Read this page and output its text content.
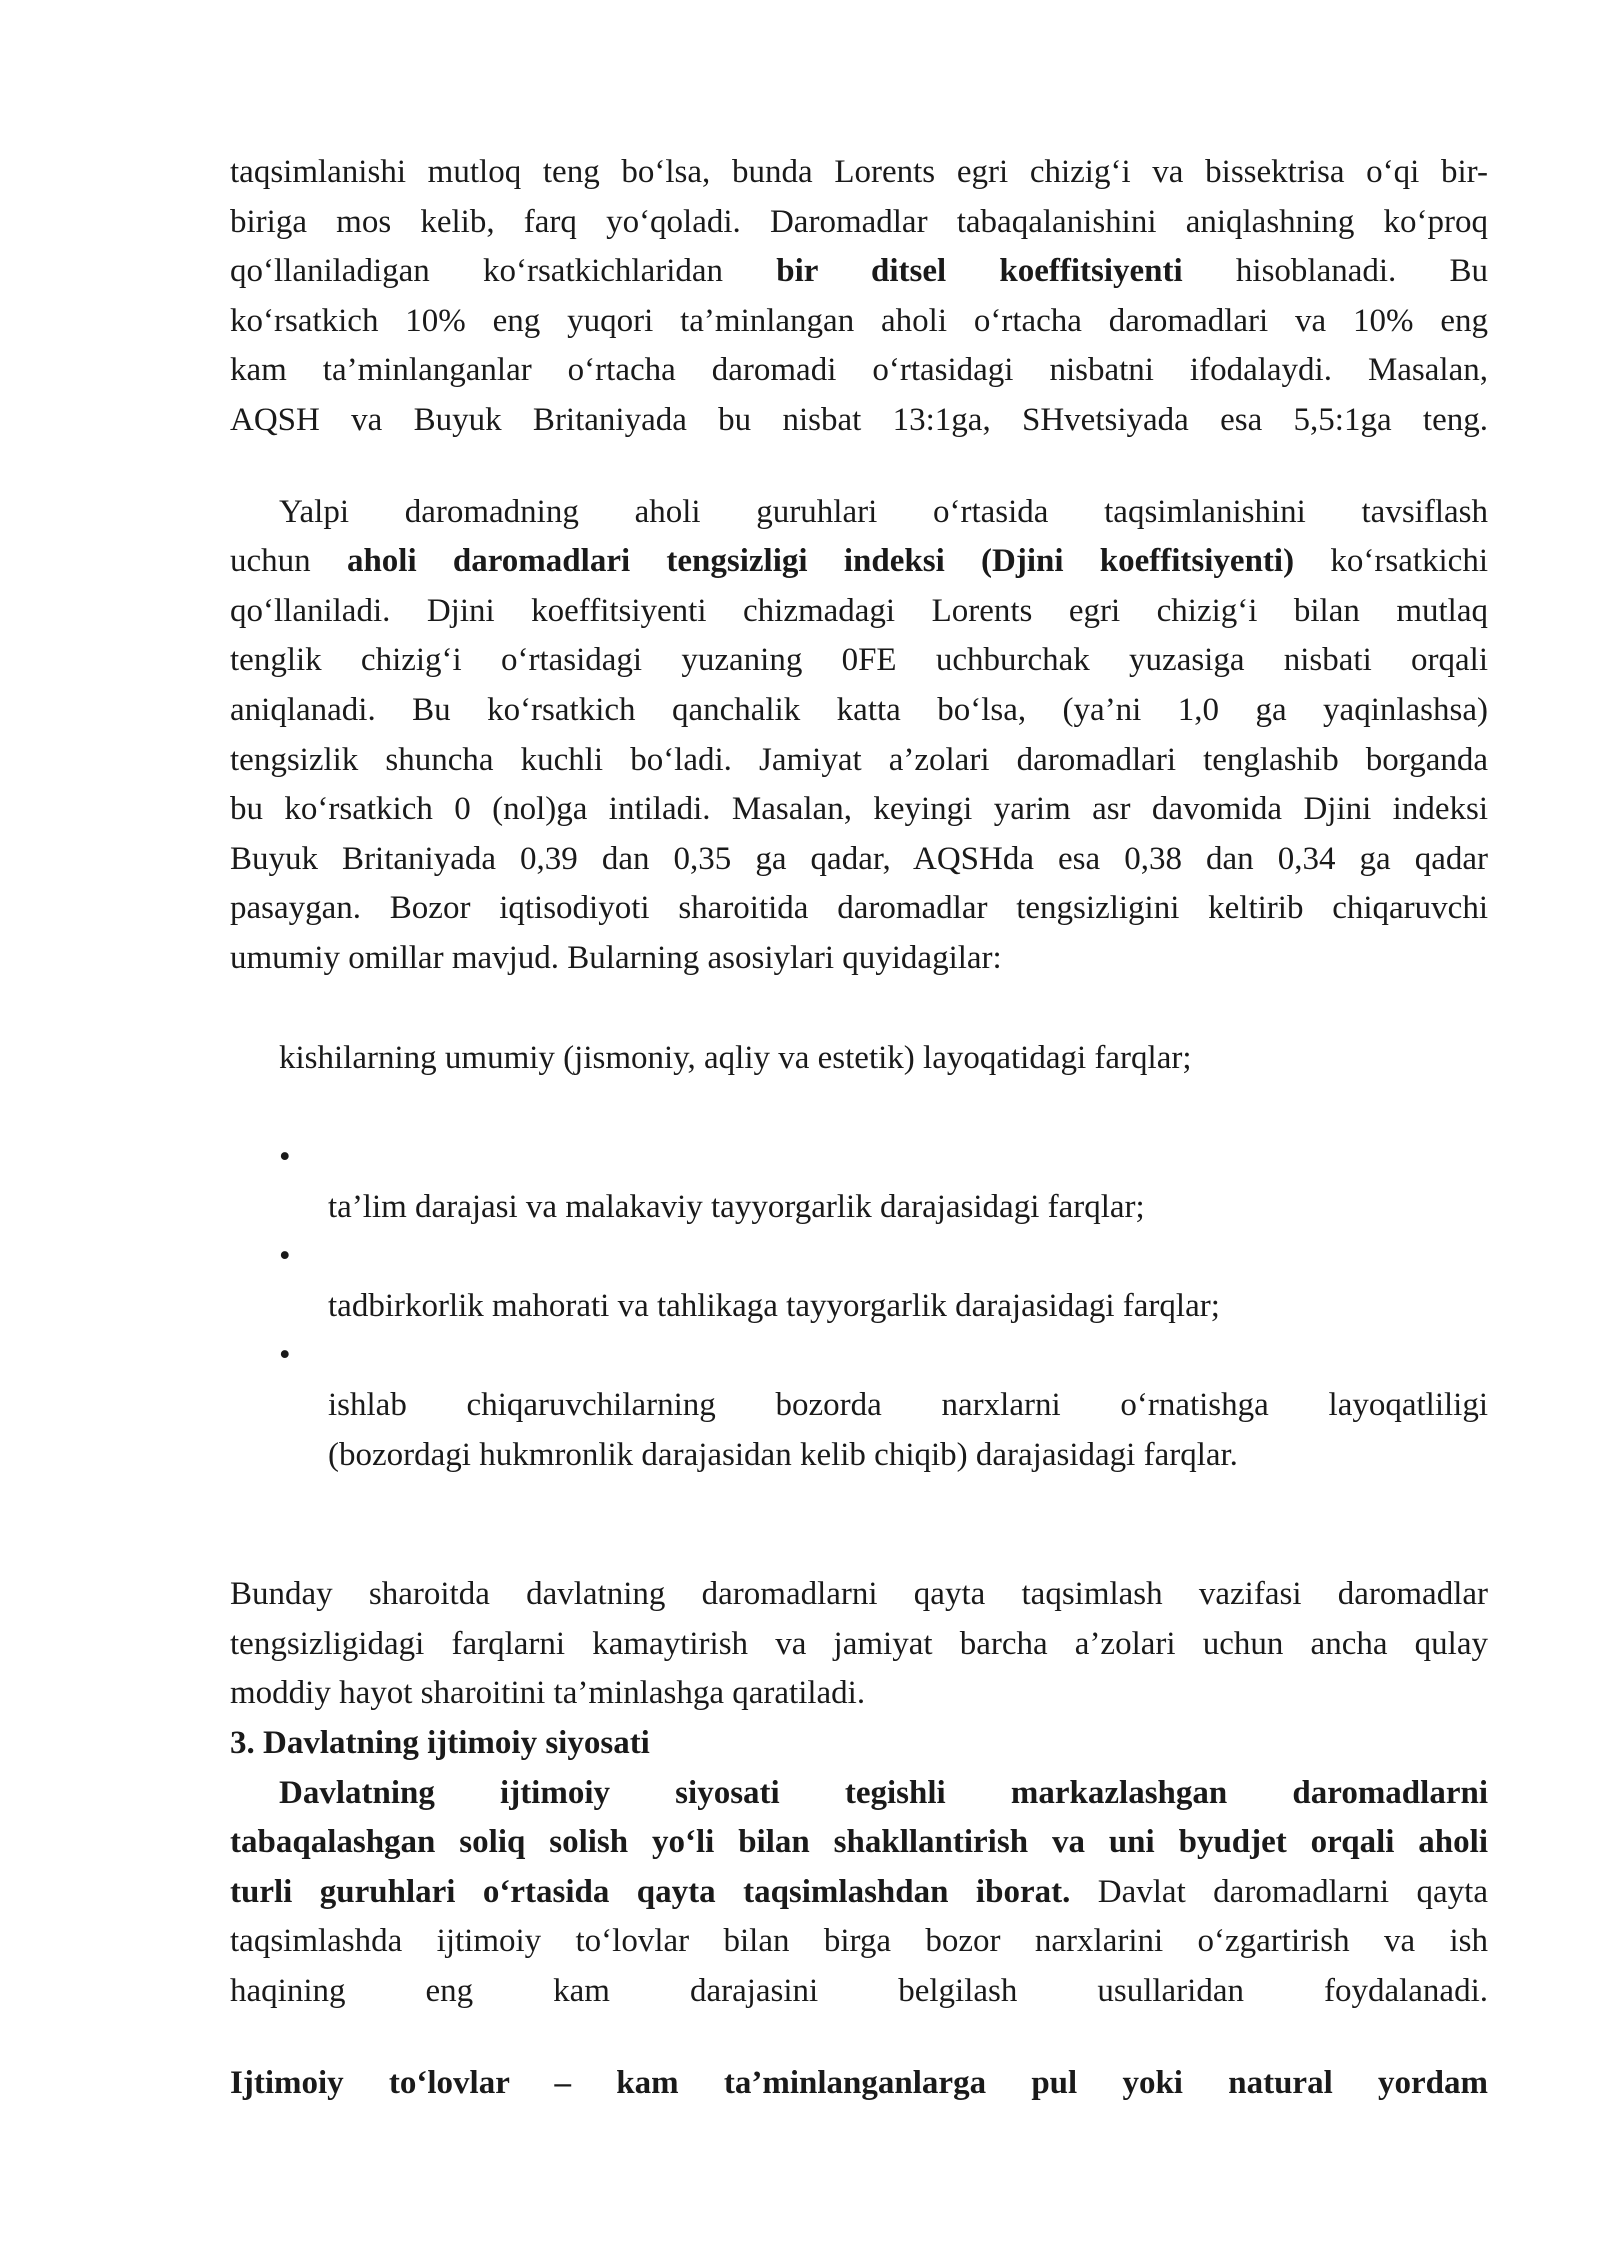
taqsimlanishi mutloq teng bo‘lsa, bunda Lorents egri chizig‘i va bissektrisa o‘qi bir-

biriga mos kelib, farq yo‘qoladi. Daromadlar tabaqalanishini aniqlashning ko‘proq

qo‘llaniladigan ko‘rsatkichlaridan bir ditsel koeffitsiyenti hisoblanadi. Bu

ko‘rsatkich 10% eng yuqori ta’minlangan aholi o‘rtacha daromadlari va 10% eng

kam ta’minlanganlar o‘rtacha daromadi o‘rtasidagi nisbatni ifodalaydi. Masalan,

AQSH va Buyuk Britaniyada bu nisbat 13:1ga, SHvetsiyada esa 5,5:1ga teng.

Yalpi daromadning aholi guruhlari o‘rtasida taqsimlanishini tavsiflash

uchun aholi daromadlari tengsizligi indeksi (Djini koeffitsiyenti) ko‘rsatkichi

qo‘llaniladi. Djini koeffitsiyenti chizmadagi Lorents egri chizig‘i bilan mutlaq

tenglik chizig‘i o‘rtasidagi yuzaning 0FE uchburchak yuzasiga nisbati orqali

aniqlanadi. Bu ko‘rsatkich qanchalik katta bo‘lsa, (ya’ni 1,0 ga yaqinlashsa)

tengsizlik shuncha kuchli bo‘ladi. Jamiyat a’zolari daromadlari tenglashib borganda

bu ko‘rsatkich 0 (nol)ga intiladi. Masalan, keyingi yarim asr davomida Djini indeksi

Buyuk Britaniyada 0,39 dan 0,35 ga qadar, AQSHda esa 0,38 dan 0,34 ga qadar

pasaygan. Bozor iqtisodiyoti sharoitida daromadlar tengsizligini keltirib chiqaruvchi

umumiy omillar mavjud. Bularning asosiylari quyidagilar:

kishilarning umumiy (jismoniy, aqliy va estetik) layoqatidagi farqlar;

•

ta’lim darajasi va malakaviy tayyorgarlik darajasidagi farqlar;

•

tadbirkorlik mahorati va tahlikaga tayyorgarlik darajasidagi farqlar;

•

ishlab chiqaruvchilarning bozorda narxlarni o‘rnatishga layoqatliligi

(bozordagi hukmronlik darajasidan kelib chiqib) darajasidagi farqlar.

Bunday sharoitda davlatning daromadlarni qayta taqsimlash vazifasi daromadlar

tengsizligidagi farqlarni kamaytirish va jamiyat barcha a’zolari uchun ancha qulay

moddiy hayot sharoitini ta’minlashga qaratiladi.

3. Davlatning ijtimoiy siyosati

Davlatning ijtimoiy siyosati tegishli markazlashgan daromadlarni

tabaqalashgan soliq solish yo‘li bilan shakllantirish va uni byudjet orqali aholi

turli guruhlari o‘rtasida qayta taqsimlashdan iborat. Davlat daromadlarni qayta

taqsimlashda ijtimoiy to‘lovlar bilan birga bozor narxlarini o‘zgartirish va ish

haqining eng kam darajasini belgilash usullaridan foydalanadi.

Ijtimoiy to‘lovlar – kam ta’minlanganlarga pul yoki natural yordam
